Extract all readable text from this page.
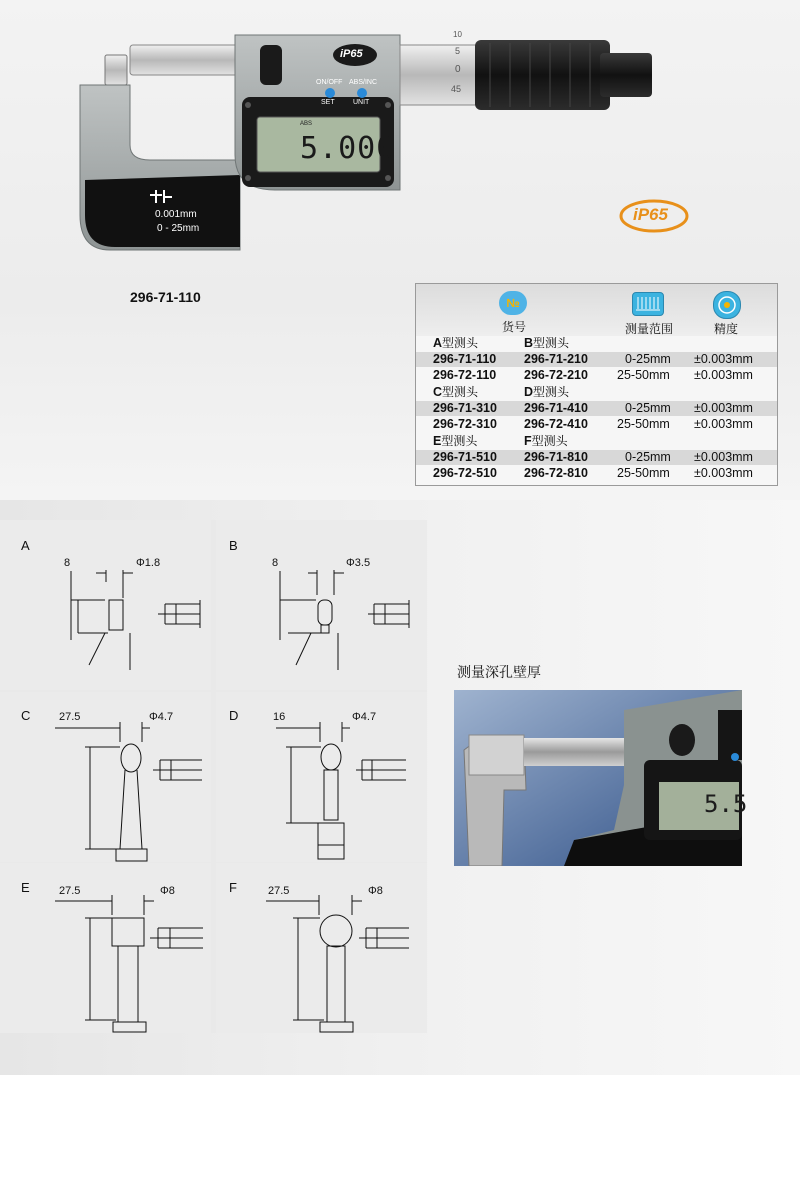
iP65
ABS
5.000
ON/OFF
SET
ABS/INC
UNIT
0.001mm
0 - 25mm
10
5
0
45
296-71-110
iP65
№
货号	测量范围	精度
A型测头	B型测头
296-71-110 296-71-210	0-25mm ±0.003mm
296-72-110 296-72-210 25-50mm ±0.003mm
C型测头	D型测头
296-71-310 296-71-410	0-25mm ±0.003mm
296-72-310 296-72-410 25-50mm ±0.003mm
E型测头	F型测头
296-71-510 296-71-810	0-25mm ±0.003mm
296-72-510 296-72-810 25-50mm ±0.003mm
A
8	Φ1.8
B
8	Φ3.5
C	27.5	Φ4.7	D	16	Φ4.7
E	27.5	Φ8	F	27.5	Φ8
测量深孔壁厚
5.5
